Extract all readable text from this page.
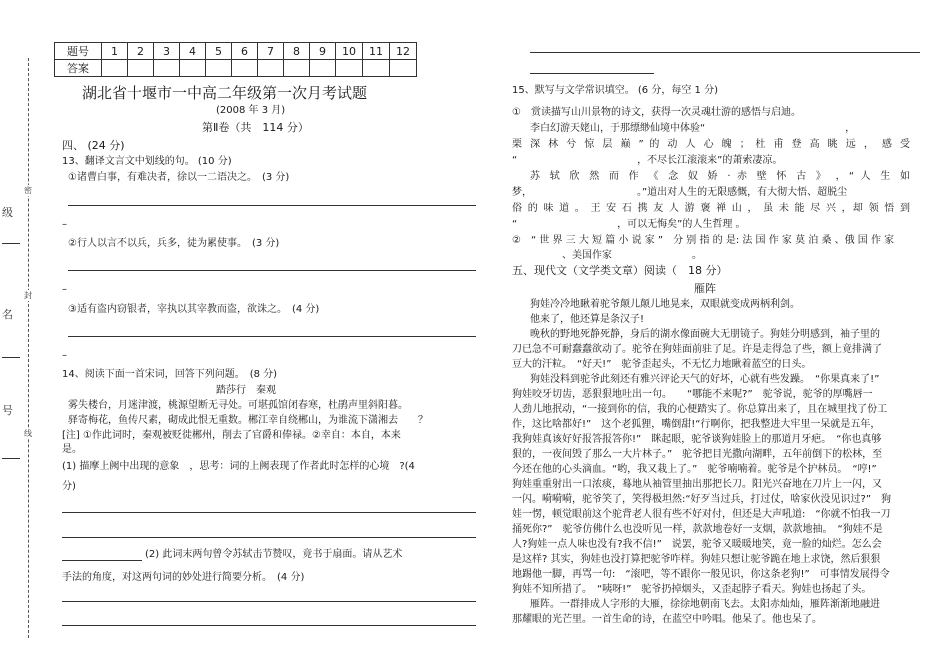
密
封
线
级
名
号
题号	1	2	3	4	5	6	7	8	9	10	11	12
答案												
湖北省十堰市一中高二年级第一次月考试题
(2008 年 3 月)
第Ⅱ卷（共　114 分）
四、 (24 分)
13、翻译文言文中划线的句。 (10 分)
①诸曹白事，有难决者，徐以一二语决之。　(3 分)
–
②行人以言不以兵，兵多，徒为累使事。　(3 分)
–
③适有盗内窃银者，宰执以其宰教而盗，欲诛之。　(4 分)
–
14、阅读下面一首宋词，回答下列问题。　(8 分)
踏莎行　秦观
雾失楼台，月迷津渡，桃源望断无寻处。可堪孤馆闭春寒，杜鹃声里斜阳暮。
驿寄梅花，鱼传尺素，砌成此恨无重数。郴江幸自绕郴山，为谁流下潇湘去　　？
[注] ①作此词时，秦观被贬徙郴州，削去了官爵和俸禄。②幸自：本自，本来
是。
(1) 描摩上阙中出现的意象　，思考：词的上阙表现了作者此时怎样的心境　?(4
分)
(2) 此词末两句曾令苏轼击节赞叹，竟书于扇面。请从艺术
手法的角度，对这两句词的妙处进行简要分析。　(4 分)
15、默写与文学常识填空。 (6 分，每空 1 分)
①　赏读描写山川景物的诗文，获得一次灵魂壮游的感悟与启迪。
李白幻游天姥山，于那缥缈仙境中体验“　　　　　　　　　　　　　　，
栗 深 林 兮 惊 层 巅 ” 的 动 人 心 魄 ； 杜 甫 登 高 眺 远 ， 感 受
“　　　　　　　　　　　　，不尽长江滚滚来”的萧索凄凉。
苏 轼 欣 然 而 作 《 念 奴 娇 · 赤 壁 怀 古 》 ，“ 人 生 如
梦，　　　　　　　　　　　。”道出对人生的无限感慨，有大彻大悟、超脱尘
俗 的 味 道 。 王 安 石 携 友 人 游 褒 禅 山 ， 虽 未 能 尽 兴 ，却 领 悟 到
“　　　　　　　　　　，可以无悔矣”的人生哲理 。
②　“ 世 界 三 大 短 篇 小 说 家 ”　分 别 指 的 是: 法 国 作 家 莫 泊 桑 、俄 国 作 家
　　　　　、美国作家　　　　　　　　。
五、现代文（文学类文章）阅读（　18 分）
雁阵
狗娃冷冷地瞅着驼爷颠儿颠儿地晃来，双眼就变成两柄利剑。
他来了，他还算是条汉子!
晚秋的野地死静死静，身后的湖水像面碗大无朋镜子。狗娃分明感到，袖子里的
刀已急不可耐蠢蠢欲动了。驼爷在狗娃面前驻了足。许是走得急了些，额上竟排满了
豆大的汗粒。　“好天!”　驼爷歪起头，不无忆力地瞅着蓝空的日头。
狗娃没料到驼爷此刻还有雅兴评论天气的好坏，心就有些发躁。　“你果真来了!”
狗娃咬牙切齿，恶狠狠地吐出一句。　　“哪能不来呢?”　驼爷说，驼爷的厚嘴唇一
人劲儿地抿动，“一接到你的信，我的心便踏实了。你总算出来了，且在城里找了份工
作，这比啥都好!”　这个老狐狸，嘴倒甜!“行啊你，把我整进大牢里一呆就是五年，
我狗娃真该好好报答报答你!”　眯起眼，驼爷谈狗娃脸上的那道月牙疤。　“你也真够
狠的，一夜间毁了那么一大片林子。”　驼爷把目光撒向湖畔，五年前倒下的松林，至
今还在他的心头滴血。“哟，我又栽上了。”　驼爷喃喃着。驼爷是个护林员。　“哼!”
狗娃重重射出一口浓痰，蓦地从袖管里抽出那把长刀。阳光兴奋地在刀片上一闪，又
一闪。嗬嗬嗬，驼爷笑了，笑得极坦然:“好歹当过兵，打过仗，啥家伙没见识过?”　狗
娃一愣，顿觉眼前这个驼背老人很有些不好对付，但还是大声吼道:　“你就不怕我一刀
捅死你?”　驼爷仿佛什么也没听见一样，款款地卷好一支烟，款款地抽。　“狗娃不是
人?狗娃一点人味也没有?我不信!”　说罢，驼爷又暖暖地笑，竟一脸的灿烂。怎么会
是这样? 其实，狗娃也没打算把驼爷咋样。狗娃只想让驼爷跪在地上求饶，然后狠狠
地踢他一脚，再骂一句:　“滚吧，等不跟你一般见识，你这条老狗!”　可事情发展得令
狗娃不知所措了。　“咦呀!”　驼爷扔掉烟头，又歪起脖子看天。狗娃也扬起了头。
雁阵。一群排成人字形的大雁，徐徐地朝南飞去。太阳赤灿灿，雁阵渐渐地融进
那耀眼的光芒里。一首生命的诗，在蓝空中吟唱。他呆了。他也呆了。
